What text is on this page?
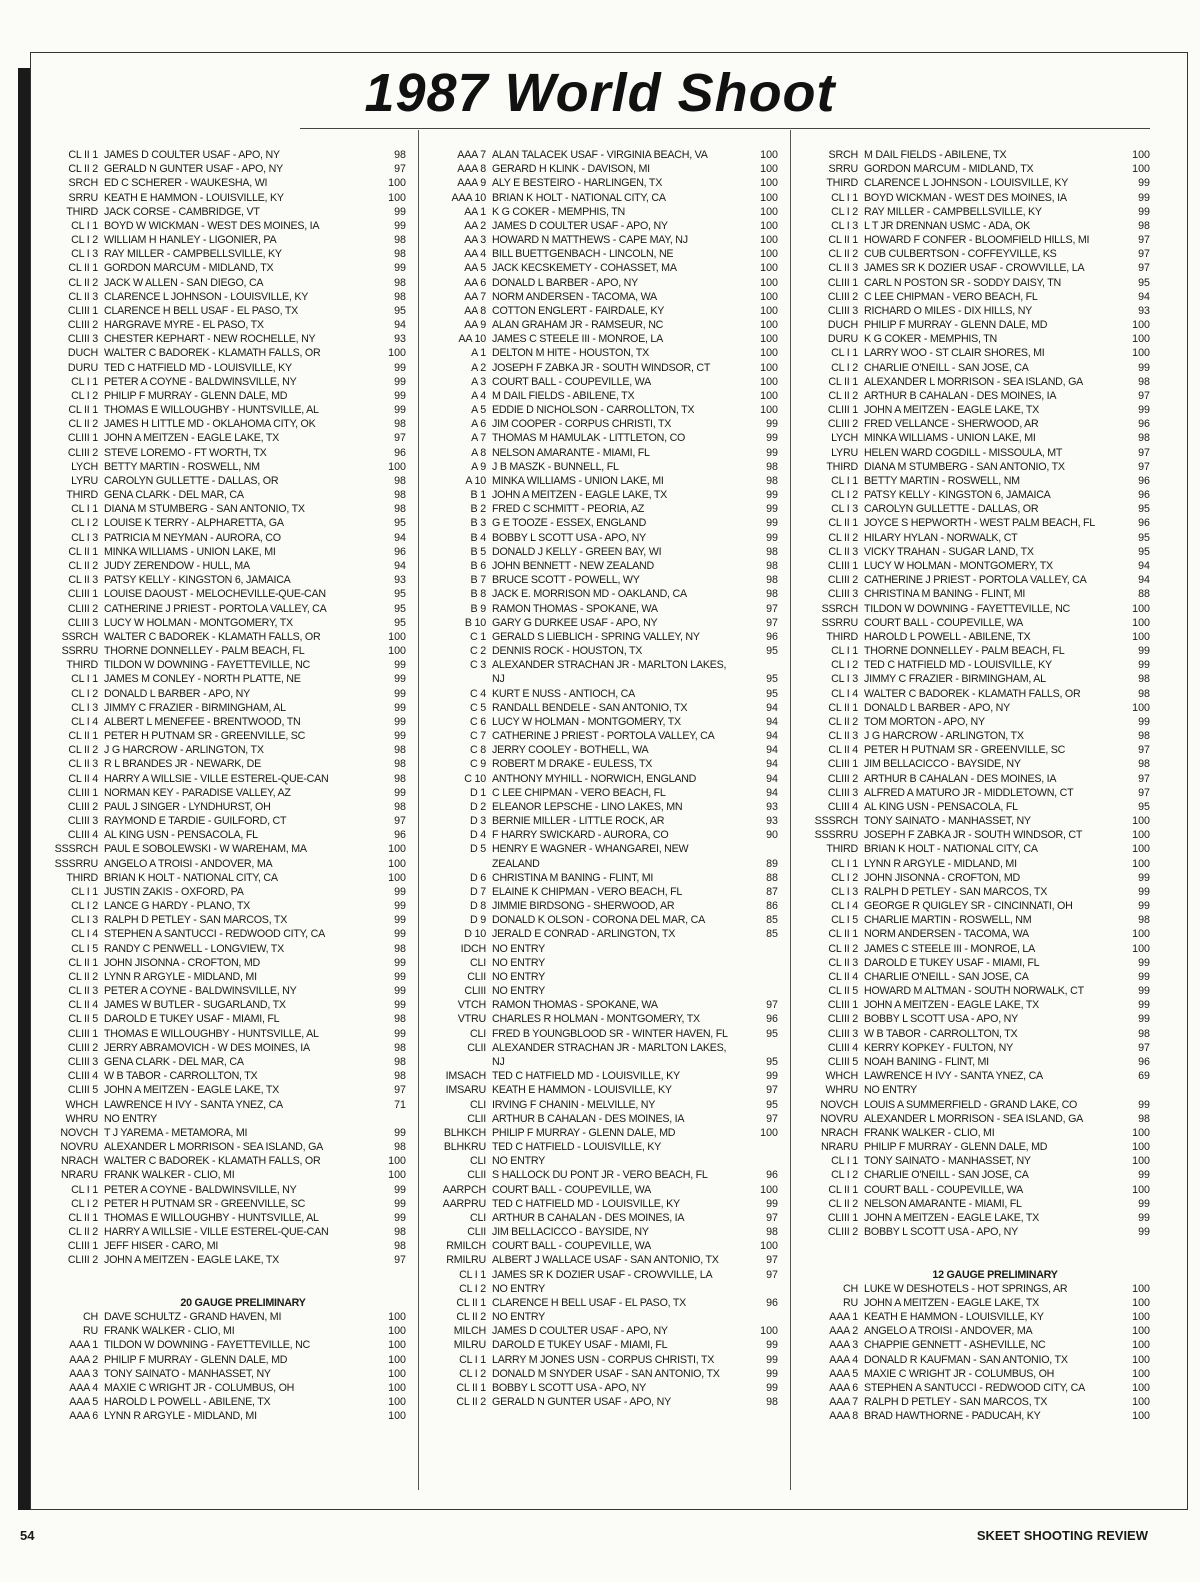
1987 World Shoot
CL II 1 JAMES D COULTER USAF - APO, NY	98
CL II 2 GERALD N GUNTER USAF - APO, NY	97
SRCH ED C SCHERER - WAUKESHA, WI	100
SRRU KEATH E HAMMON - LOUISVILLE, KY	100
THIRD JACK CORSE - CAMBRIDGE, VT	99
CL I 1 BOYD W WICKMAN - WEST DES MOINES, IA	99
CL I 2 WILLIAM H HANLEY - LIGONIER, PA	98
CL I 3 RAY MILLER - CAMPBELLSVILLE, KY	98
CL II 1 GORDON MARCUM - MIDLAND, TX	99
CL II 2 JACK W ALLEN - SAN DIEGO, CA	98
CL II 3 CLARENCE L JOHNSON - LOUISVILLE, KY	98
CLIII 1 CLARENCE H BELL USAF - EL PASO, TX	95
CLIII 2 HARGRAVE MYRE - EL PASO, TX	94
CLIII 3 CHESTER KEPHART - NEW ROCHELLE, NY	93
DUCH WALTER C BADOREK - KLAMATH FALLS, OR	100
DURU TED C HATFIELD MD - LOUISVILLE, KY	99
CL I 1 PETER A COYNE - BALDWINSVILLE, NY	99
CL I 2 PHILIP F MURRAY - GLENN DALE, MD	99
CL II 1 THOMAS E WILLOUGHBY - HUNTSVILLE, AL	99
CL II 2 JAMES H LITTLE MD - OKLAHOMA CITY, OK	98
CLIII 1 JOHN A MEITZEN - EAGLE LAKE, TX	97
CLIII 2 STEVE LOREMO - FT WORTH, TX	96
LYCH BETTY MARTIN - ROSWELL, NM	100
LYRU CAROLYN GULLETTE - DALLAS, OR	98
THIRD GENA CLARK - DEL MAR, CA	98
CL I 1 DIANA M STUMBERG - SAN ANTONIO, TX	98
CL I 2 LOUISE K TERRY - ALPHARETTA, GA	95
CL I 3 PATRICIA M NEYMAN - AURORA, CO	94
CL II 1 MINKA WILLIAMS - UNION LAKE, MI	96
CL II 2 JUDY ZERENDOW - HULL, MA	94
CL II 3 PATSY KELLY - KINGSTON 6, JAMAICA	93
CLIII 1 LOUISE DAOUST - MELOCHEVILLE-QUE-CAN	95
CLIII 2 CATHERINE J PRIEST - PORTOLA VALLEY, CA	95
CLIII 3 LUCY W HOLMAN - MONTGOMERY, TX	95
SSRCH WALTER C BADOREK - KLAMATH FALLS, OR	100
SSRRU THORNE DONNELLEY - PALM BEACH, FL	100
THIRD TILDON W DOWNING - FAYETTEVILLE, NC	99
CL I 1 JAMES M CONLEY - NORTH PLATTE, NE	99
CL I 2 DONALD L BARBER - APO, NY	99
CL I 3 JIMMY C FRAZIER - BIRMINGHAM, AL	99
CL I 4 ALBERT L MENEFEE - BRENTWOOD, TN	99
CL II 1 PETER H PUTNAM SR - GREENVILLE, SC	99
CL II 2 J G HARCROW - ARLINGTON, TX	98
CL II 3 R L BRANDES JR - NEWARK, DE	98
CL II 4 HARRY A WILLSIE - VILLE ESTEREL-QUE-CAN	98
CLIII 1 NORMAN KEY - PARADISE VALLEY, AZ	99
CLIII 2 PAUL J SINGER - LYNDHURST, OH	98
CLIII 3 RAYMOND E TARDIE - GUILFORD, CT	97
CLIII 4 AL KING USN - PENSACOLA, FL	96
SSSRCH PAUL E SOBOLEWSKI - W WAREHAM, MA	100
SSSRRU ANGELO A TROISI - ANDOVER, MA	100
THIRD BRIAN K HOLT - NATIONAL CITY, CA	100
CL I 1 JUSTIN ZAKIS - OXFORD, PA	99
CL I 2 LANCE G HARDY - PLANO, TX	99
CL I 3 RALPH D PETLEY - SAN MARCOS, TX	99
CL I 4 STEPHEN A SANTUCCI - REDWOOD CITY, CA	99
CL I 5 RANDY C PENWELL - LONGVIEW, TX	98
CL II 1 JOHN JISONNA - CROFTON, MD	99
CL II 2 LYNN R ARGYLE - MIDLAND, MI	99
CL II 3 PETER A COYNE - BALDWINSVILLE, NY	99
CL II 4 JAMES W BUTLER - SUGARLAND, TX	99
CL II 5 DAROLD E TUKEY USAF - MIAMI, FL	98
CLIII 1 THOMAS E WILLOUGHBY - HUNTSVILLE, AL	99
CLIII 2 JERRY ABRAMOVICH - W DES MOINES, IA	98
CLIII 3 GENA CLARK - DEL MAR, CA	98
CLIII 4 W B TABOR - CARROLLTON, TX	98
CLIII 5 JOHN A MEITZEN - EAGLE LAKE, TX	97
WHCH LAWRENCE H IVY - SANTA YNEZ, CA	71
WHRU NO ENTRY
NOVCH T J YAREMA - METAMORA, MI	99
NOVRU ALEXANDER L MORRISON - SEA ISLAND, GA	98
NRACH WALTER C BADOREK - KLAMATH FALLS, OR	100
NRARU FRANK WALKER - CLIO, MI	100
CL I 1 PETER A COYNE - BALDWINSVILLE, NY	99
CL I 2 PETER H PUTNAM SR - GREENVILLE, SC	99
CL II 1 THOMAS E WILLOUGHBY - HUNTSVILLE, AL	99
CL II 2 HARRY A WILLSIE - VILLE ESTEREL-QUE-CAN	98
CLIII 1 JEFF HISER - CARO, MI	98
CLIII 2 JOHN A MEITZEN - EAGLE LAKE, TX	97
20 GAUGE PRELIMINARY
CH DAVE SCHULTZ - GRAND HAVEN, MI	100
RU FRANK WALKER - CLIO, MI	100
AAA 1 TILDON W DOWNING - FAYETTEVILLE, NC	100
AAA 2 PHILIP F MURRAY - GLENN DALE, MD	100
AAA 3 TONY SAINATO - MANHASSET, NY	100
AAA 4 MAXIE C WRIGHT JR - COLUMBUS, OH	100
AAA 5 HAROLD L POWELL - ABILENE, TX	100
AAA 6 LYNN R ARGYLE - MIDLAND, MI	100
AAA 7 ALAN TALACEK USAF - VIRGINIA BEACH, VA	100
AAA 8 GERARD H KLINK - DAVISON, MI	100
AAA 9 ALY E BESTEIRO - HARLINGEN, TX	100
AAA 10 BRIAN K HOLT - NATIONAL CITY, CA	100
AA 1 K G COKER - MEMPHIS, TN	100
AA 2 JAMES D COULTER USAF - APO, NY	100
AA 3 HOWARD N MATTHEWS - CAPE MAY, NJ	100
AA 4 BILL BUETTGENBACH - LINCOLN, NE	100
AA 5 JACK KECSKEMETY - COHASSET, MA	100
AA 6 DONALD L BARBER - APO, NY	100
AA 7 NORM ANDERSEN - TACOMA, WA	100
AA 8 COTTON ENGLERT - FAIRDALE, KY	100
AA 9 ALAN GRAHAM JR - RAMSEUR, NC	100
AA 10 JAMES C STEELE III - MONROE, LA	100
A 1 DELTON M HITE - HOUSTON, TX	100
A 2 JOSEPH F ZABKA JR - SOUTH WINDSOR, CT	100
A 3 COURT BALL - COUPEVILLE, WA	100
A 4 M DAIL FIELDS - ABILENE, TX	100
A 5 EDDIE D NICHOLSON - CARROLLTON, TX	100
A 6 JIM COOPER - CORPUS CHRISTI, TX	99
A 7 THOMAS M HAMULAK - LITTLETON, CO	99
A 8 NELSON AMARANTE - MIAMI, FL	99
A 9 J B MASZK - BUNNELL, FL	98
A 10 MINKA WILLIAMS - UNION LAKE, MI	98
B 1 JOHN A MEITZEN - EAGLE LAKE, TX	99
B 2 FRED C SCHMITT - PEORIA, AZ	99
B 3 G E TOOZE - ESSEX, ENGLAND	99
B 4 BOBBY L SCOTT USA - APO, NY	99
B 5 DONALD J KELLY - GREEN BAY, WI	98
B 6 JOHN BENNETT - NEW ZEALAND	98
B 7 BRUCE SCOTT - POWELL, WY	98
B 8 JACK E. MORRISON MD - OAKLAND, CA	98
B 9 RAMON THOMAS - SPOKANE, WA	97
B 10 GARY G DURKEE USAF - APO, NY	97
C 1 GERALD S LIEBLICH - SPRING VALLEY, NY	96
C 2 DENNIS ROCK - HOUSTON, TX	95
C 3 ALEXANDER STRACHAN JR - MARLTON LAKES,
NJ	95
C 4 KURT E NUSS - ANTIOCH, CA	95
C 5 RANDALL BENDELE - SAN ANTONIO, TX	94
C 6 LUCY W HOLMAN - MONTGOMERY, TX	94
C 7 CATHERINE J PRIEST - PORTOLA VALLEY, CA	94
C 8 JERRY COOLEY - BOTHELL, WA	94
C 9 ROBERT M DRAKE - EULESS, TX	94
C 10 ANTHONY MYHILL - NORWICH, ENGLAND	94
D 1 C LEE CHIPMAN - VERO BEACH, FL	94
D 2 ELEANOR LEPSCHE - LINO LAKES, MN	93
D 3 BERNIE MILLER - LITTLE ROCK, AR	93
D 4 F HARRY SWICKARD - AURORA, CO	90
D 5 HENRY E WAGNER - WHANGAREI, NEW
ZEALAND	89
D 6 CHRISTINA M BANING - FLINT, MI	88
D 7 ELAINE K CHIPMAN - VERO BEACH, FL	87
D 8 JIMMIE BIRDSONG - SHERWOOD, AR	86
D 9 DONALD K OLSON - CORONA DEL MAR, CA	85
D 10 JERALD E CONRAD - ARLINGTON, TX	85
IDCH NO ENTRY
CLI NO ENTRY
CLII NO ENTRY
CLIII NO ENTRY
VTCH RAMON THOMAS - SPOKANE, WA	97
VTRU CHARLES R HOLMAN - MONTGOMERY, TX	96
CLI FRED B YOUNGBLOOD SR - WINTER HAVEN, FL	95
CLII ALEXANDER STRACHAN JR - MARLTON LAKES,
NJ	95
IMSACH TED C HATFIELD MD - LOUISVILLE, KY	99
IMSARU KEATH E HAMMON - LOUISVILLE, KY	97
CLI IRVING F CHANIN - MELVILLE, NY	95
CLII ARTHUR B CAHALAN - DES MOINES, IA	97
BLHKCH PHILIP F MURRAY - GLENN DALE, MD	100
BLHKRU TED C HATFIELD - LOUISVILLE, KY
CLI NO ENTRY
CLII S HALLOCK DU PONT JR - VERO BEACH, FL	96
AARPCH COURT BALL - COUPEVILLE, WA	100
AARPRU TED C HATFIELD MD - LOUISVILLE, KY	99
CLI ARTHUR B CAHALAN - DES MOINES, IA	97
CLII JIM BELLACICCO - BAYSIDE, NY	98
RMILCH COURT BALL - COUPEVILLE, WA	100
RMILRU ALBERT J WALLACE USAF - SAN ANTONIO, TX	97
CL I 1 JAMES SR K DOZIER USAF - CROWVILLE, LA	97
CL I 2 NO ENTRY
CL II 1 CLARENCE H BELL USAF - EL PASO, TX	96
CL II 2 NO ENTRY
MILCH JAMES D COULTER USAF - APO, NY	100
MILRU DAROLD E TUKEY USAF - MIAMI, FL	99
CL I 1 LARRY M JONES USN - CORPUS CHRISTI, TX	99
CL I 2 DONALD M SNYDER USAF - SAN ANTONIO, TX	99
CL II 1 BOBBY L SCOTT USA - APO, NY	99
CL II 2 GERALD N GUNTER USAF - APO, NY	98
SRCH M DAIL FIELDS - ABILENE, TX	100
SRRU GORDON MARCUM - MIDLAND, TX	100
THIRD CLARENCE L JOHNSON - LOUISVILLE, KY	99
CL I 1 BOYD WICKMAN - WEST DES MOINES, IA	99
CL I 2 RAY MILLER - CAMPBELLSVILLE, KY	99
CL I 3 L T JR DRENNAN USMC - ADA, OK	98
CL II 1 HOWARD F CONFER - BLOOMFIELD HILLS, MI	97
CL II 2 CUB CULBERTSON - COFFEYVILLE, KS	97
CL II 3 JAMES SR K DOZIER USAF - CROWVILLE, LA	97
CLIII 1 CARL N POSTON SR - SODDY DAISY, TN	95
CLIII 2 C LEE CHIPMAN - VERO BEACH, FL	94
CLIII 3 RICHARD O MILES - DIX HILLS, NY	93
DUCH PHILIP F MURRAY - GLENN DALE, MD	100
DURU K G COKER - MEMPHIS, TN	100
CL I 1 LARRY WOO - ST CLAIR SHORES, MI	100
CL I 2 CHARLIE O'NEILL - SAN JOSE, CA	99
CL II 1 ALEXANDER L MORRISON - SEA ISLAND, GA	98
CL II 2 ARTHUR B CAHALAN - DES MOINES, IA	97
CLIII 1 JOHN A MEITZEN - EAGLE LAKE, TX	99
CLIII 2 FRED VELLANCE - SHERWOOD, AR	96
LYCH MINKA WILLIAMS - UNION LAKE, MI	98
LYRU HELEN WARD COGDILL - MISSOULA, MT	97
THIRD DIANA M STUMBERG - SAN ANTONIO, TX	97
CL I 1 BETTY MARTIN - ROSWELL, NM	96
CL I 2 PATSY KELLY - KINGSTON 6, JAMAICA	96
CL I 3 CAROLYN GULLETTE - DALLAS, OR	95
CL II 1 JOYCE S HEPWORTH - WEST PALM BEACH, FL	96
CL II 2 HILARY HYLAN - NORWALK, CT	95
CL II 3 VICKY TRAHAN - SUGAR LAND, TX	95
CLIII 1 LUCY W HOLMAN - MONTGOMERY, TX	94
CLIII 2 CATHERINE J PRIEST - PORTOLA VALLEY, CA	94
CLIII 3 CHRISTINA M BANING - FLINT, MI	88
SSRCH TILDON W DOWNING - FAYETTEVILLE, NC	100
SSRRU COURT BALL - COUPEVILLE, WA	100
THIRD HAROLD L POWELL - ABILENE, TX	100
CL I 1 THORNE DONNELLEY - PALM BEACH, FL	99
CL I 2 TED C HATFIELD MD - LOUISVILLE, KY	99
CL I 3 JIMMY C FRAZIER - BIRMINGHAM, AL	98
CL I 4 WALTER C BADOREK - KLAMATH FALLS, OR	98
CL II 1 DONALD L BARBER - APO, NY	100
CL II 2 TOM MORTON - APO, NY	99
CL II 3 J G HARCROW - ARLINGTON, TX	98
CL II 4 PETER H PUTNAM SR - GREENVILLE, SC	97
CLIII 1 JIM BELLACICCO - BAYSIDE, NY	98
CLIII 2 ARTHUR B CAHALAN - DES MOINES, IA	97
CLIII 3 ALFRED A MATURO JR - MIDDLETOWN, CT	97
CLIII 4 AL KING USN - PENSACOLA, FL	95
SSSRCH TONY SAINATO - MANHASSET, NY	100
SSSRRU JOSEPH F ZABKA JR - SOUTH WINDSOR, CT	100
THIRD BRIAN K HOLT - NATIONAL CITY, CA	100
CL I 1 LYNN R ARGYLE - MIDLAND, MI	100
CL I 2 JOHN JISONNA - CROFTON, MD	99
CL I 3 RALPH D PETLEY - SAN MARCOS, TX	99
CL I 4 GEORGE R QUIGLEY SR - CINCINNATI, OH	99
CL I 5 CHARLIE MARTIN - ROSWELL, NM	98
CL II 1 NORM ANDERSEN - TACOMA, WA	100
CL II 2 JAMES C STEELE III - MONROE, LA	100
CL II 3 DAROLD E TUKEY USAF - MIAMI, FL	99
CL II 4 CHARLIE O'NEILL - SAN JOSE, CA	99
CL II 5 HOWARD M ALTMAN - SOUTH NORWALK, CT	99
CLIII 1 JOHN A MEITZEN - EAGLE LAKE, TX	99
CLIII 2 BOBBY L SCOTT USA - APO, NY	99
CLIII 3 W B TABOR - CARROLLTON, TX	98
CLIII 4 KERRY KOPKEY - FULTON, NY	97
CLIII 5 NOAH BANING - FLINT, MI	96
WHCH LAWRENCE H IVY - SANTA YNEZ, CA	69
WHRU NO ENTRY
NOVCH LOUIS A SUMMERFIELD - GRAND LAKE, CO	99
NOVRU ALEXANDER L MORRISON - SEA ISLAND, GA	98
NRACH FRANK WALKER - CLIO, MI	100
NRARU PHILIP F MURRAY - GLENN DALE, MD	100
CL I 1 TONY SAINATO - MANHASSET, NY	100
CL I 2 CHARLIE O'NEILL - SAN JOSE, CA	99
CL II 1 COURT BALL - COUPEVILLE, WA	100
CL II 2 NELSON AMARANTE - MIAMI, FL	99
CLIII 1 JOHN A MEITZEN - EAGLE LAKE, TX	99
CLIII 2 BOBBY L SCOTT USA - APO, NY	99
12 GAUGE PRELIMINARY
CH LUKE W DESHOTELS - HOT SPRINGS, AR	100
RU JOHN A MEITZEN - EAGLE LAKE, TX	100
AAA 1 KEATH E HAMMON - LOUISVILLE, KY	100
AAA 2 ANGELO A TROISI - ANDOVER, MA	100
AAA 3 CHAPPIE GENNETT - ASHEVILLE, NC	100
AAA 4 DONALD R KAUFMAN - SAN ANTONIO, TX	100
AAA 5 MAXIE C WRIGHT JR - COLUMBUS, OH	100
AAA 6 STEPHEN A SANTUCCI - REDWOOD CITY, CA	100
AAA 7 RALPH D PETLEY - SAN MARCOS, TX	100
AAA 8 BRAD HAWTHORNE - PADUCAH, KY	100

54	SKEET SHOOTING REVIEW
